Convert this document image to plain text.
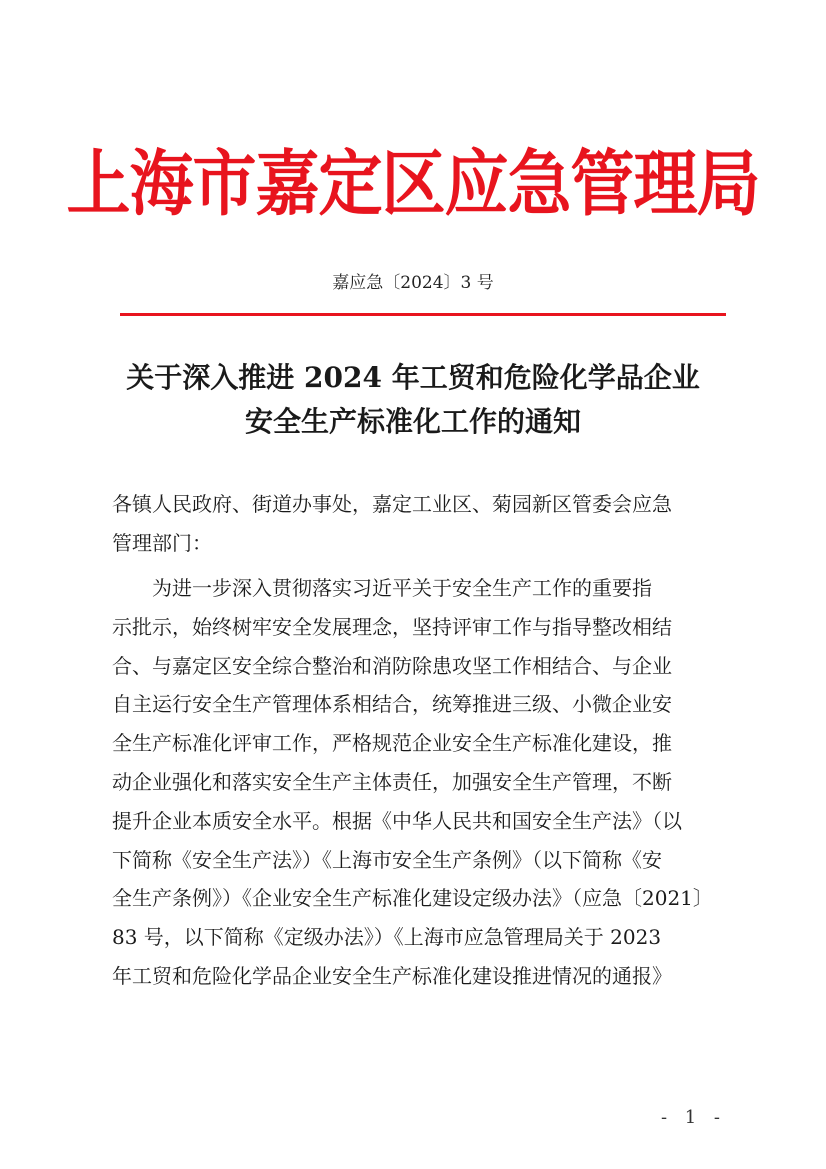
上海市嘉定区应急管理局
嘉应急〔2024〕3 号
关于深入推进 2024 年工贸和危险化学品企业
安全生产标准化工作的通知
各镇人民政府、街道办事处，嘉定工业区、菊园新区管委会应急
管理部门：
　　为进一步深入贯彻落实习近平关于安全生产工作的重要指
示批示，始终树牢安全发展理念，坚持评审工作与指导整改相结
合、与嘉定区安全综合整治和消防除患攻坚工作相结合、与企业
自主运行安全生产管理体系相结合，统筹推进三级、小微企业安
全生产标准化评审工作，严格规范企业安全生产标准化建设，推
动企业强化和落实安全生产主体责任，加强安全生产管理，不断
提升企业本质安全水平。根据《中华人民共和国安全生产法》（以
下简称《安全生产法》）《上海市安全生产条例》（以下简称《安
全生产条例》）《企业安全生产标准化建设定级办法》（应急〔2021〕
83 号，以下简称《定级办法》）《上海市应急管理局关于 2023
年工贸和危险化学品企业安全生产标准化建设推进情况的通报》
- 1 -
